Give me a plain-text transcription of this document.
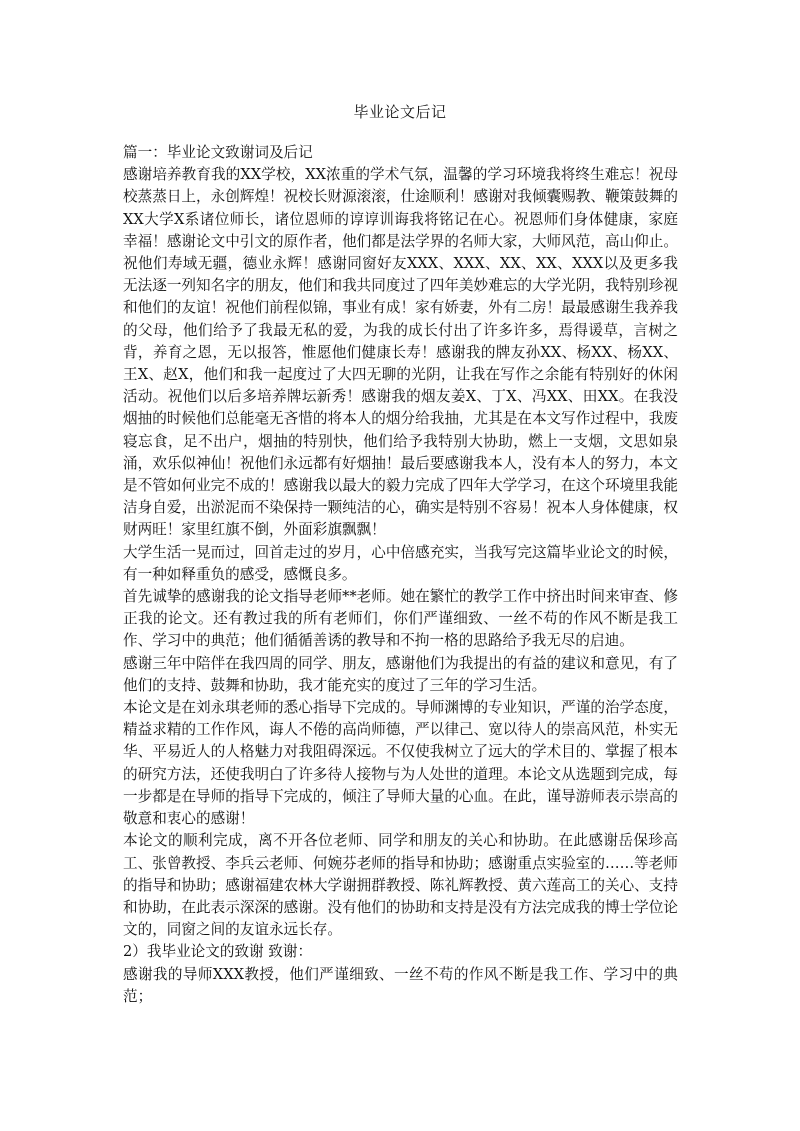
毕业论文后记

篇一：毕业论文致谢词及后记

感谢培养教育我的XX学校，XX浓重的学术气氛，温馨的学习环境我将终生难忘！祝母校蒸蒸日上，永创辉煌！祝校长财源滚滚，仕途顺利！感谢对我倾囊赐教、鞭策鼓舞的XX大学X系诸位师长，诸位恩师的谆谆训诲我将铭记在心。祝恩师们身体健康，家庭幸福！感谢论文中引文的原作者，他们都是法学界的名师大家，大师风范，高山仰止。祝他们寿域无疆，德业永辉！感谢同窗好友XXX、XXX、XX、XX、XXX以及更多我无法逐一列知名字的朋友，他们和我共同度过了四年美妙难忘的大学光阴，我特别珍视和他们的友谊！祝他们前程似锦，事业有成！家有娇妻，外有二房！最最感谢生我养我的父母，他们给予了我最无私的爱，为我的成长付出了许多许多，焉得谖草，言树之背，养育之恩，无以报答，惟愿他们健康长寿！感谢我的牌友孙XX、杨XX、杨XX、王X、赵X，他们和我一起度过了大四无聊的光阴，让我在写作之余能有特别好的休闲活动。祝他们以后多培养牌坛新秀！感谢我的烟友姜X、丁X、冯XX、田XX。在我没烟抽的时候他们总能毫无吝惜的将本人的烟分给我抽，尤其是在本文写作过程中，我废寝忘食，足不出户，烟抽的特别快，他们给予我特别大协助，燃上一支烟，文思如泉涌，欢乐似神仙！祝他们永远都有好烟抽！最后要感谢我本人，没有本人的努力，本文是不管如何业完不成的！感谢我以最大的毅力完成了四年大学学习，在这个环境里我能洁身自爱，出淤泥而不染保持一颗纯洁的心，确实是特别不容易！祝本人身体健康，权财两旺！家里红旗不倒，外面彩旗飘飘！

大学生活一晃而过，回首走过的岁月，心中倍感充实，当我写完这篇毕业论文的时候，有一种如释重负的感受，感慨良多。

首先诚挚的感谢我的论文指导老师**老师。她在繁忙的教学工作中挤出时间来审查、修正我的论文。还有教过我的所有老师们，你们严谨细致、一丝不苟的作风不断是我工作、学习中的典范；他们循循善诱的教导和不拘一格的思路给予我无尽的启迪。

感谢三年中陪伴在我四周的同学、朋友，感谢他们为我提出的有益的建议和意见，有了他们的支持、鼓舞和协助，我才能充实的度过了三年的学习生活。

本论文是在刘永琪老师的悉心指导下完成的。导师渊博的专业知识，严谨的治学态度，精益求精的工作作风，诲人不倦的高尚师德，严以律己、宽以待人的崇高风范，朴实无华、平易近人的人格魅力对我阻碍深远。不仅使我树立了远大的学术目的、掌握了根本的研究方法，还使我明白了许多待人接物与为人处世的道理。本论文从选题到完成，每一步都是在导师的指导下完成的，倾注了导师大量的心血。在此，谨导游师表示崇高的敬意和衷心的感谢！

本论文的顺利完成，离不开各位老师、同学和朋友的关心和协助。在此感谢岳保珍高工、张曾教授、李兵云老师、何婉芬老师的指导和协助；感谢重点实验室的……等老师的指导和协助；感谢福建农林大学谢拥群教授、陈礼辉教授、黄六莲高工的关心、支持和协助，在此表示深深的感谢。没有他们的协助和支持是没有方法完成我的博士学位论文的，同窗之间的友谊永远长存。

2）我毕业论文的致谢 致谢：

感谢我的导师XXX教授，他们严谨细致、一丝不苟的作风不断是我工作、学习中的典范；
